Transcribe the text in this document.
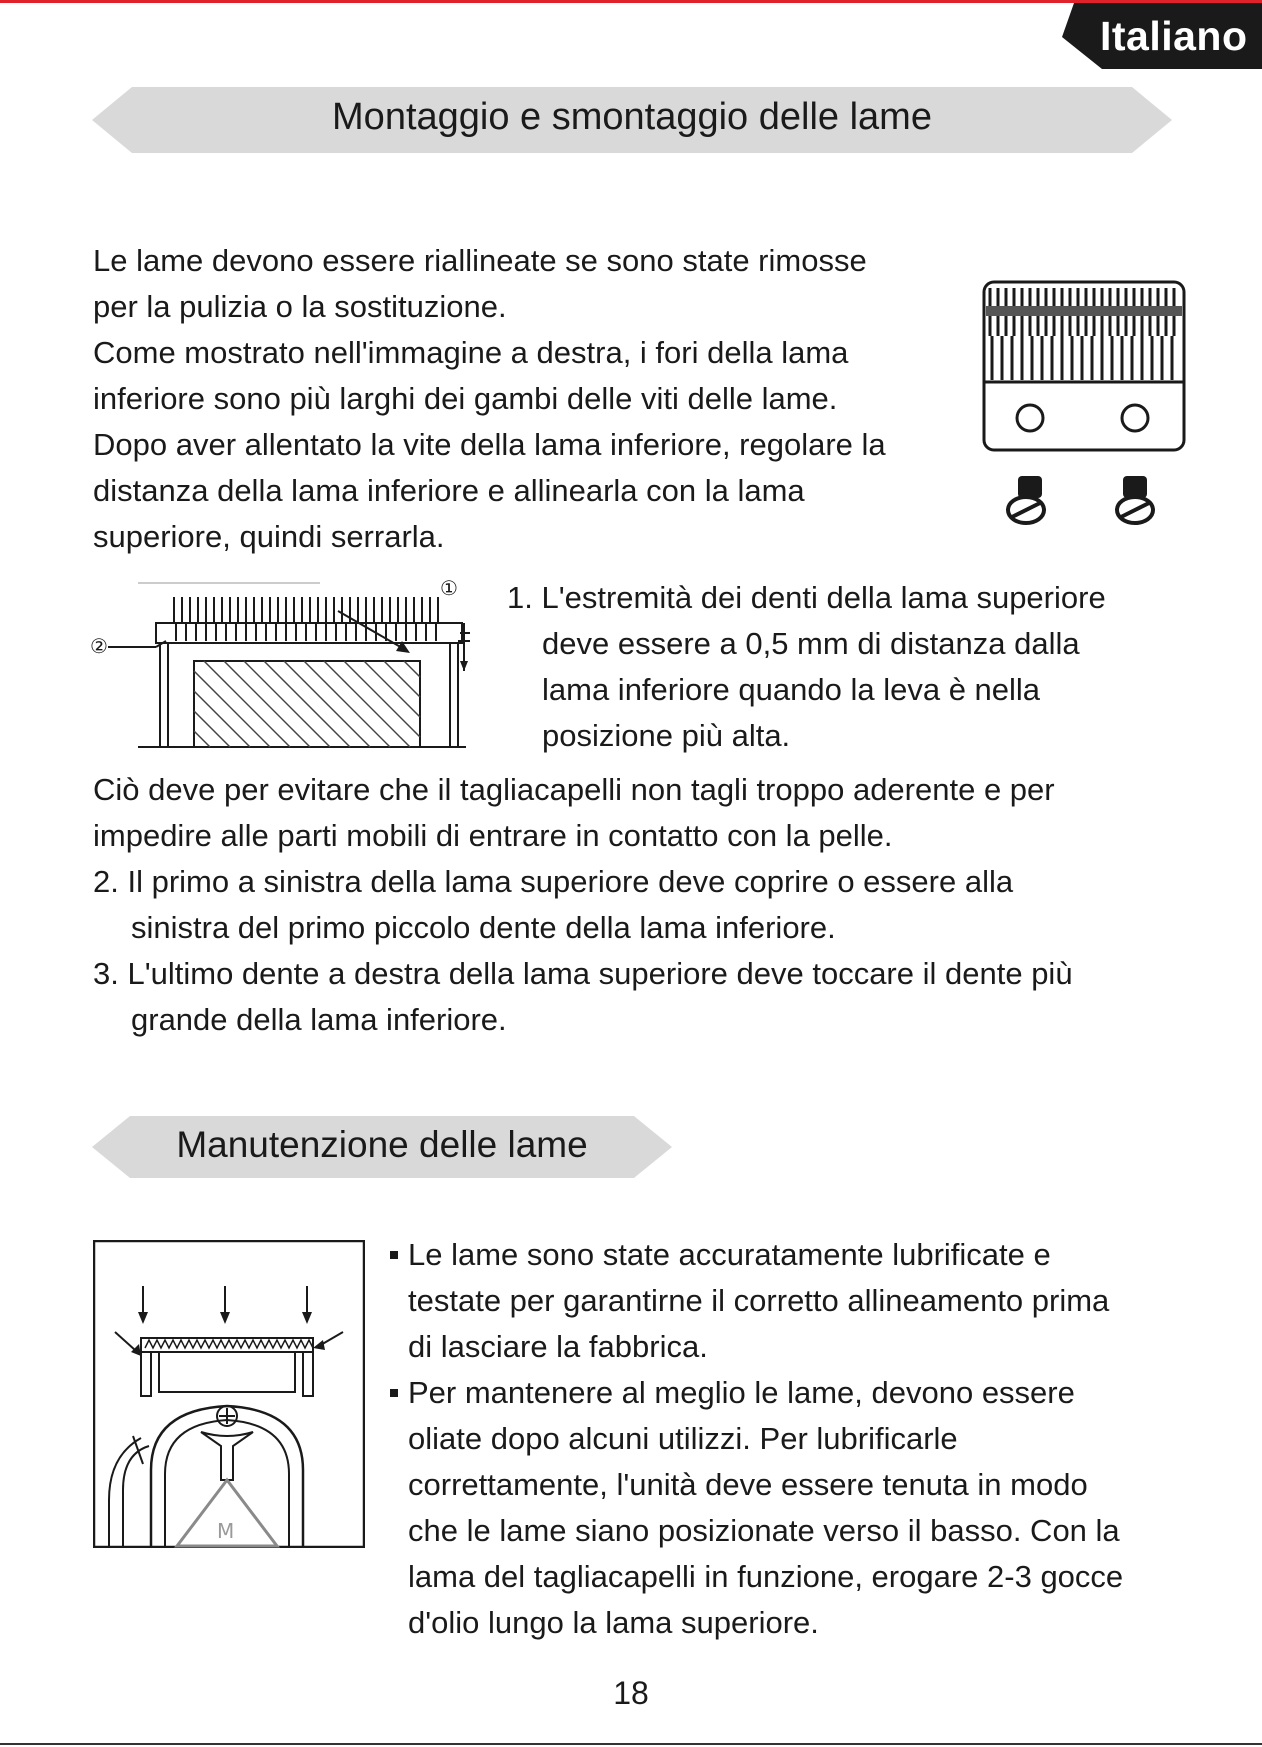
Italiano
Montaggio e smontaggio delle lame
Le lame devono essere riallineate se sono state rimosse
per la pulizia o la sostituzione.
Come mostrato nell'immagine a destra, i fori della lama
inferiore sono più larghi dei gambi delle viti delle lame.
Dopo aver allentato la vite della lama inferiore, regolare la
distanza della lama inferiore e allinearla con la lama
superiore, quindi serrarla.
①
②
1. L'estremità dei denti della lama superiore
deve essere a 0,5 mm di distanza dalla
lama inferiore quando la leva è nella
posizione più alta.
Ciò deve per evitare che il tagliacapelli non tagli troppo aderente e per
impedire alle parti mobili di entrare in contatto con la pelle.
2. Il primo a sinistra della lama superiore deve coprire o essere alla
sinistra del primo piccolo dente della lama inferiore.
3. L'ultimo dente a destra della lama superiore deve toccare il dente più
grande della lama inferiore.
Manutenzione delle lame
M
Le lame sono state accuratamente lubrificate e
testate per garantirne il corretto allineamento prima
di lasciare la fabbrica.
Per mantenere al meglio le lame, devono essere
oliate dopo alcuni utilizzi. Per lubrificarle
correttamente, l'unità deve essere tenuta in modo
che le lame siano posizionate verso il basso. Con la
lama del tagliacapelli in funzione, erogare 2-3 gocce
d'olio lungo la lama superiore.
18
